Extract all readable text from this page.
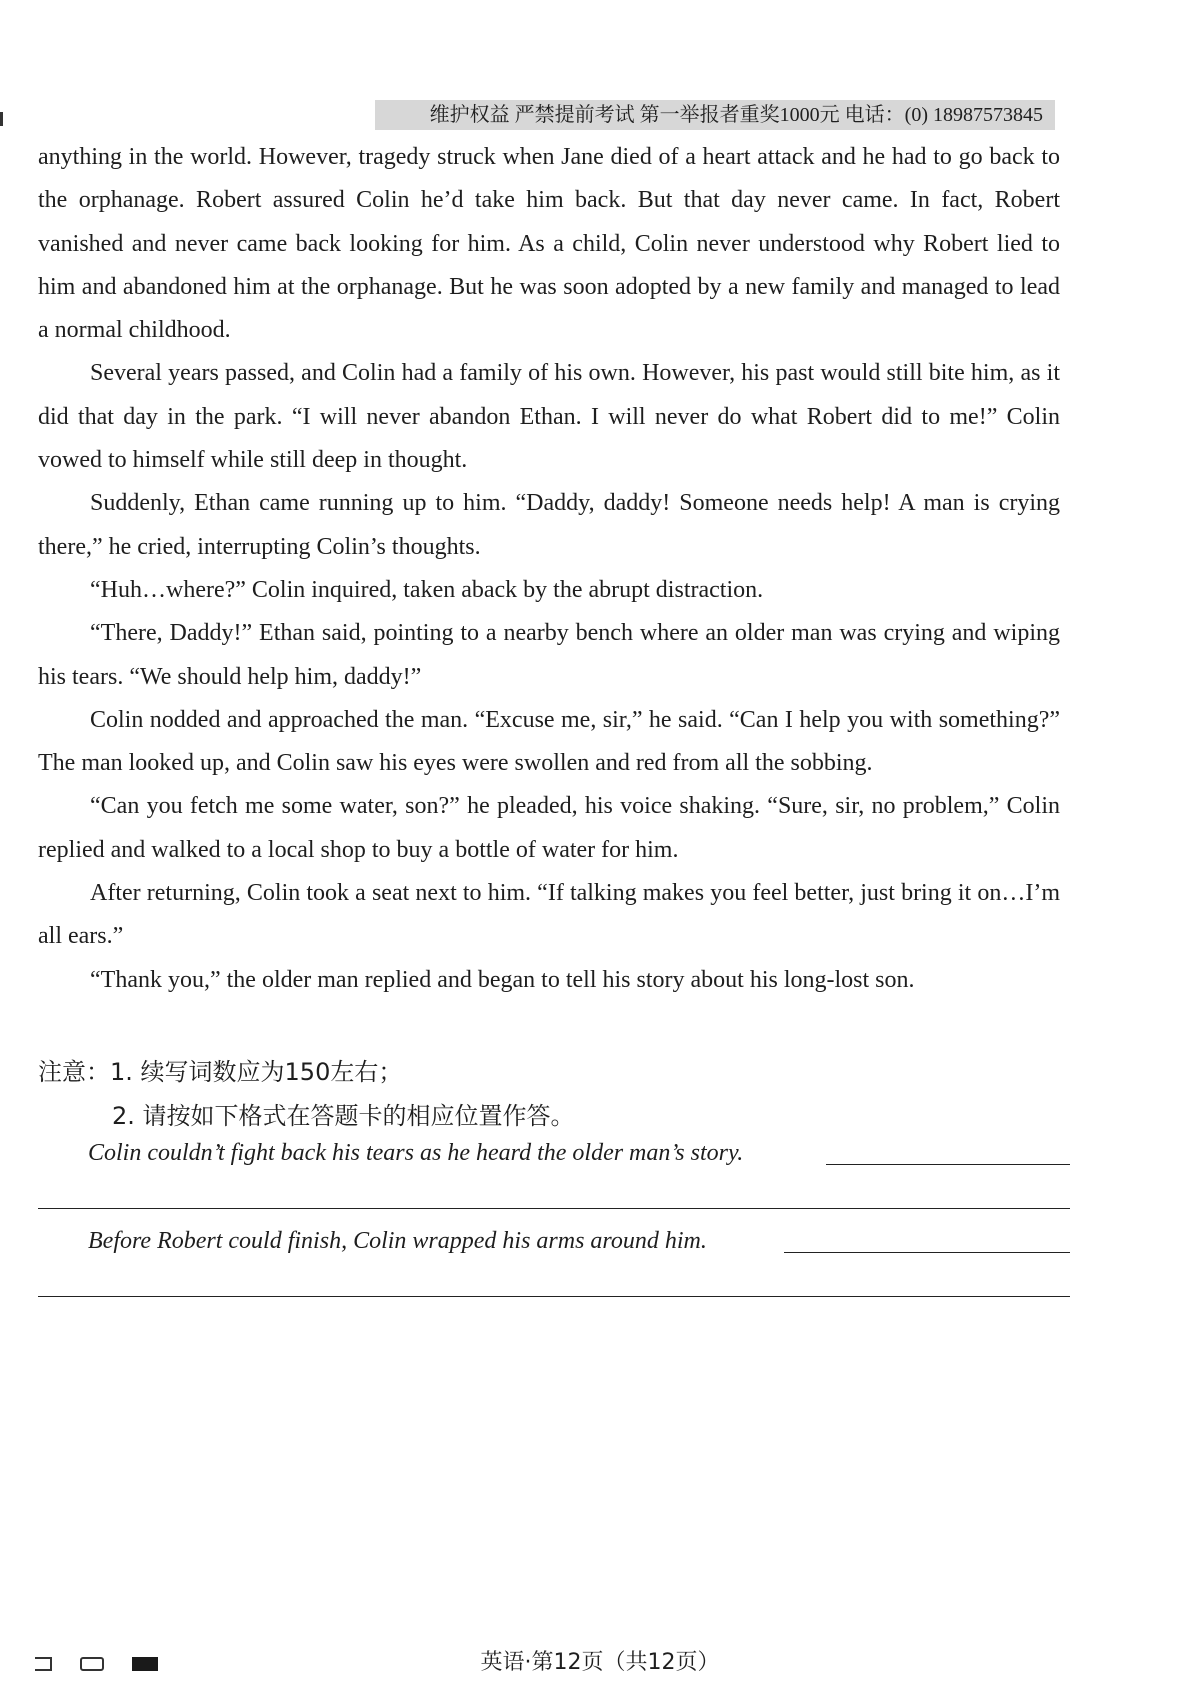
维护权益 严禁提前考试 第一举报者重奖1000元 电话：(0) 18987573845

anything in the world. However, tragedy struck when Jane died of a heart attack and he had to go back to the orphanage. Robert assured Colin he’d take him back. But that day never came. In fact, Robert vanished and never came back looking for him. As a child, Colin never understood why Robert lied to him and abandoned him at the orphanage. But he was soon adopted by a new family and managed to lead a normal childhood.

Several years passed, and Colin had a family of his own. However, his past would still bite him, as it did that day in the park. “I will never abandon Ethan. I will never do what Robert did to me!” Colin vowed to himself while still deep in thought.

Suddenly, Ethan came running up to him. “Daddy, daddy! Someone needs help! A man is crying there,” he cried, interrupting Colin’s thoughts.

“Huh…where?” Colin inquired, taken aback by the abrupt distraction.

“There, Daddy!” Ethan said, pointing to a nearby bench where an older man was crying and wiping his tears. “We should help him, daddy!”

Colin nodded and approached the man. “Excuse me, sir,” he said. “Can I help you with something?” The man looked up, and Colin saw his eyes were swollen and red from all the sobbing.

“Can you fetch me some water, son?” he pleaded, his voice shaking. “Sure, sir, no problem,” Colin replied and walked to a local shop to buy a bottle of water for him.

After returning, Colin took a seat next to him. “If talking makes you feel better, just bring it on…I’m all ears.”

“Thank you,” the older man replied and began to tell his story about his long-lost son.

注意：1. 续写词数应为150左右；

2. 请按如下格式在答题卡的相应位置作答。

Colin couldn’t fight back his tears as he heard the older man’s story.
Before Robert could finish, Colin wrapped his arms around him.
英语·第12页（共12页）
